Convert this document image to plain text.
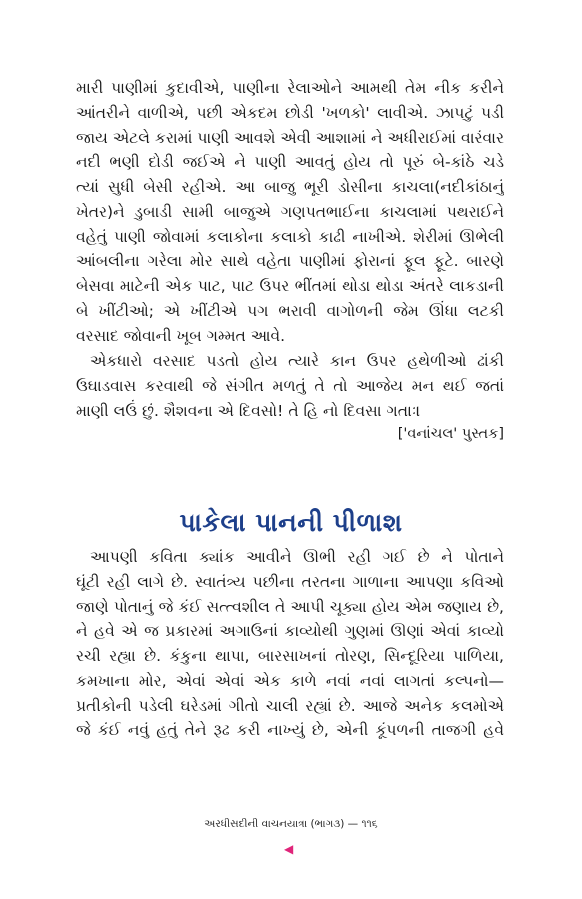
મારી પાણીમાં કુદાવીએ, પાણીના રેલાઓને આમથી તેમ નીક કરીને
આંતરીને વાળીએ, પછી એકદમ છોડી 'ખળકો' લાવીએ. ઝાપટું પડી
જાય એટલે કરામાં પાણી આવશે એવી આશામાં ને અધીરાઈમાં વારંવાર
નદી ભણી દોડી જઈએ ને પાણી આવતું હોય તો પૂરું બે-કાંઠે ચડે
ત્યાં સુધી બેસી રહીએ. આ બાજુ ભૂરી ડોસીના કાચલા(નદીકાંઠાનું
ખેતર)ને ડુબાડી સામી બાજુએ ગણપતભાઈના કાચલામાં પથરાઈને
વહેતું પાણી જોવામાં કલાકોના કલાકો કાઢી નાખીએ. શેરીમાં ઊભેલી
આંબલીના ગરેલા મોર સાથે વહેતા પાણીમાં ફોરાનાં ફૂલ ફૂટે. બારણે
બેસવા માટેની એક પાટ, પાટ ઉપર ભીંતમાં થોડા થોડા અંતરે લાકડાની
બે ખીંટીઓ; એ ખીંટીએ પગ ભરાવી વાગોળની જેમ ઊંધા લટકી
વરસાદ જોવાની ખૂબ ગમ્મત આવે.
એકધારો વરસાદ પડતો હોય ત્યારે કાન ઉપર હથેળીઓ ઢાંકી
ઉઘાડવાસ કરવાથી જે સંગીત મળતું તે તો આજેય મન થઈ જતાં
માણી લઉં છું. શૈશવના એ દિવસો! તે હિ નો દિવસા ગતાઃ।
['વનાંચલ' પુસ્તક]
પાકેલા પાનની પીળાશ
આપણી કવિતા ક્યાંક આવીને ઊભી રહી ગઈ છે ને પોતાને
ઘૂંટી રહી લાગે છે. સ્વાતંત્ર્ય પછીના તરતના ગાળાના આપણા કવિઓ
જાણે પોતાનું જે કંઈ સત્ત્વશીલ તે આપી ચૂક્યા હોય એમ જણાય છે,
ને હવે એ જ પ્રકારમાં અગાઉનાં કાવ્યોથી ગુણમાં ઊણાં એવાં કાવ્યો
રચી રહ્યા છે. કંકુના થાપા, બારસાખનાં તોરણ, સિન્દૂરિયા પાળિયા,
કમખાના મોર, એવાં એવાં એક કાળે નવાં નવાં લાગતાં કલ્પનો—
પ્રતીકોની પડેલી ઘરેડમાં ગીતો ચાલી રહ્યાં છે. આજે અનેક કલમોએ
જે કંઈ નવું હતું તેને રૂઢ કરી નાખ્યું છે, એની કૂંપળની તાજગી હવે
અરધીસદીની વાચનયાત્રા (ભાગ૩) — ૧૧૬
◀
